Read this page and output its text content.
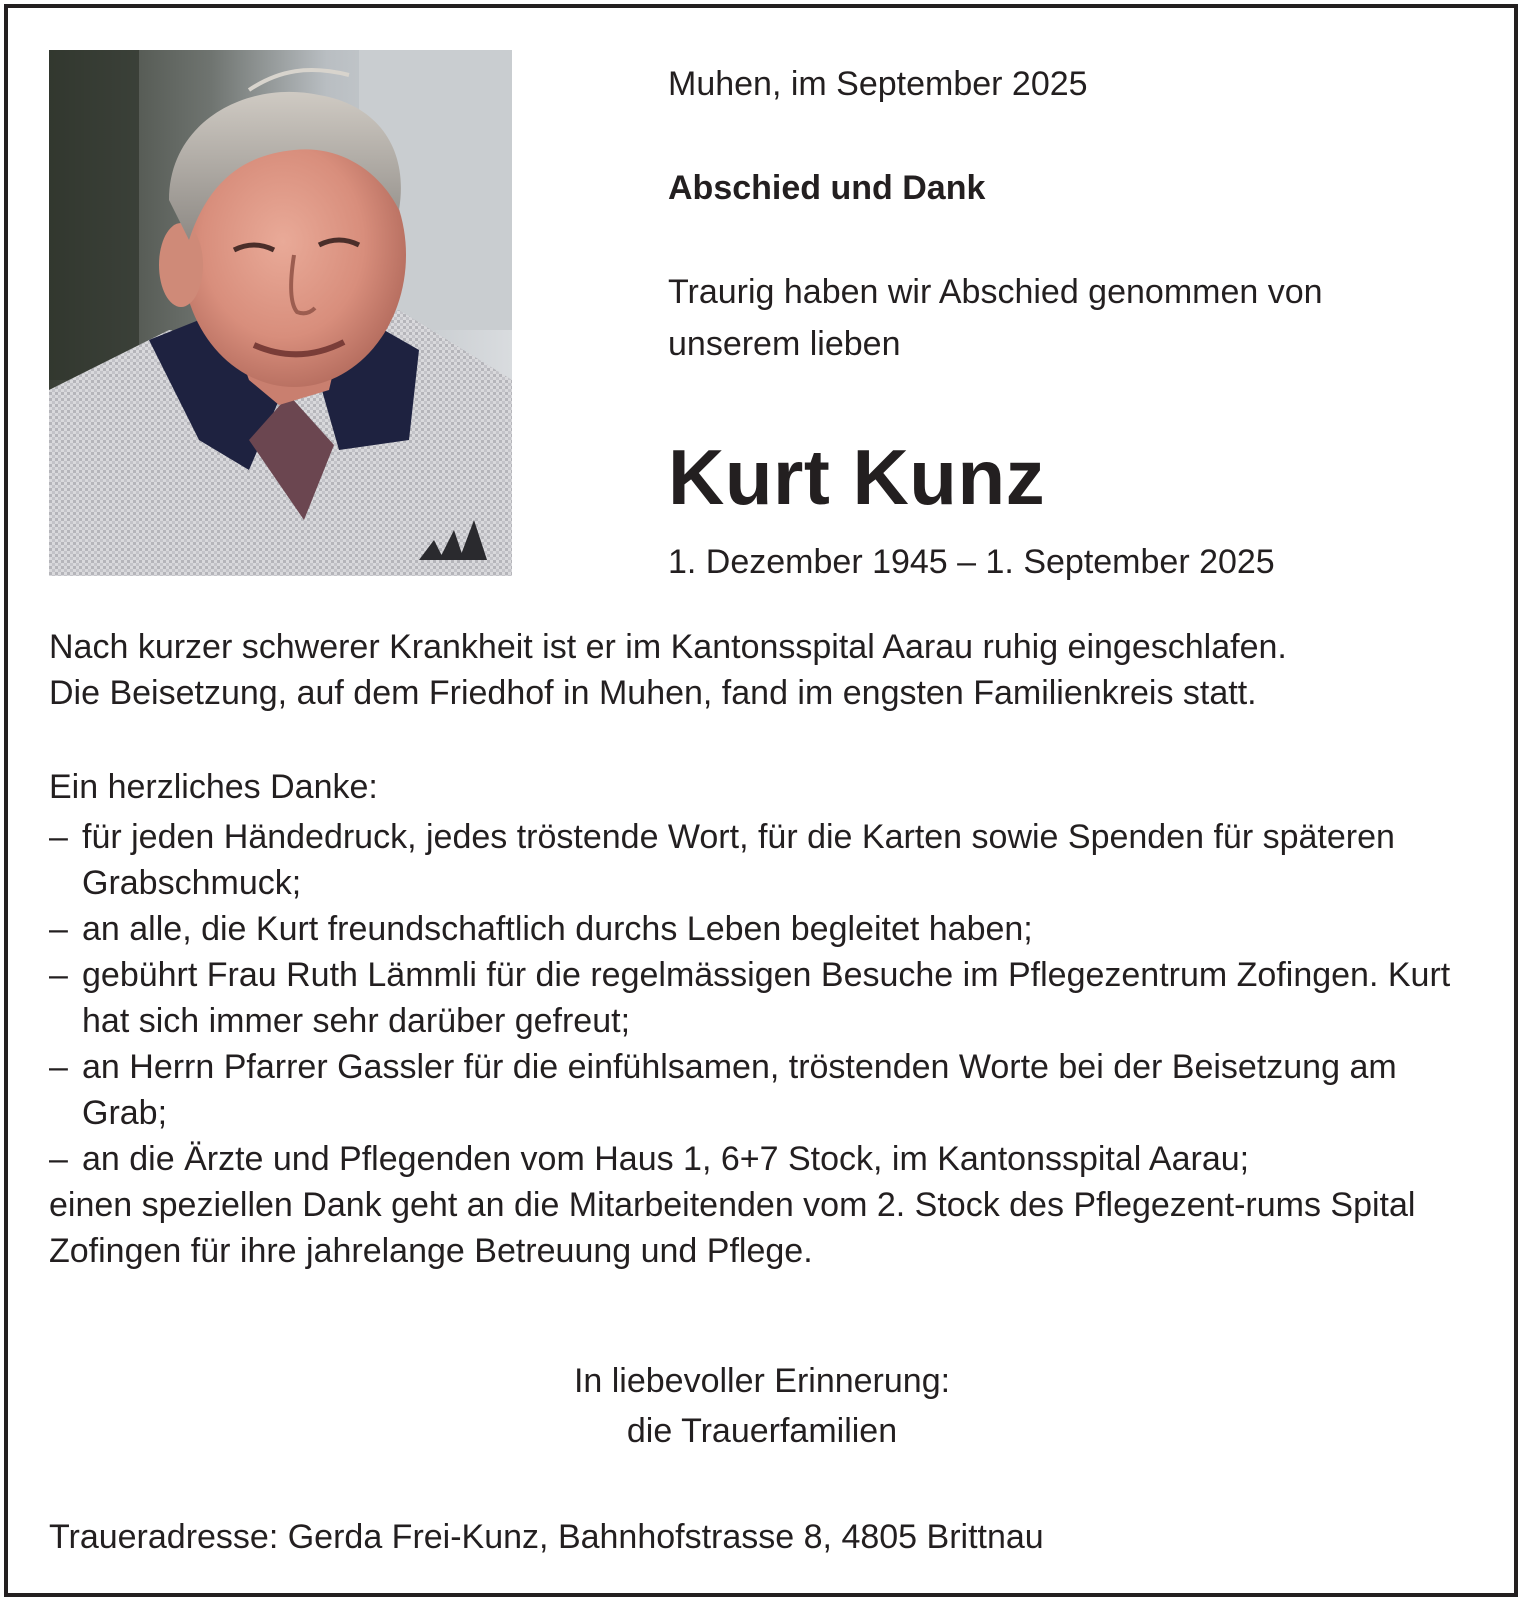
Muhen, im September 2025

Abschied und Dank

Traurig haben wir Abschied genommen von
unserem lieben

Kurt Kunz
1. Dezember 1945 – 1. September 2025

Nach kurzer schwerer Krankheit ist er im Kantonsspital Aarau ruhig eingeschlafen.

Die Beisetzung, auf dem Friedhof in Muhen, fand im engsten Familienkreis statt.

Ein herzliches Danke:

– für jeden Händedruck, jedes tröstende Wort, für die Karten sowie Spenden für späteren Grabschmuck;
– an alle, die Kurt freundschaftlich durchs Leben begleitet haben;
– gebührt Frau Ruth Lämmli für die regelmässigen Besuche im Pflegezentrum Zofingen. Kurt hat sich immer sehr darüber gefreut;
– an Herrn Pfarrer Gassler für die einfühlsamen, tröstenden Worte bei der Beisetzung am Grab;
– an die Ärzte und Pflegenden vom Haus 1, 6+7 Stock, im Kantonsspital Aarau;

einen speziellen Dank geht an die Mitarbeitenden vom 2. Stock des Pflegezent-rums Spital Zofingen für ihre jahrelange Betreuung und Pflege.

In liebevoller Erinnerung:

die Trauerfamilien

Traueradresse: Gerda Frei-Kunz, Bahnhofstrasse 8, 4805 Brittnau
